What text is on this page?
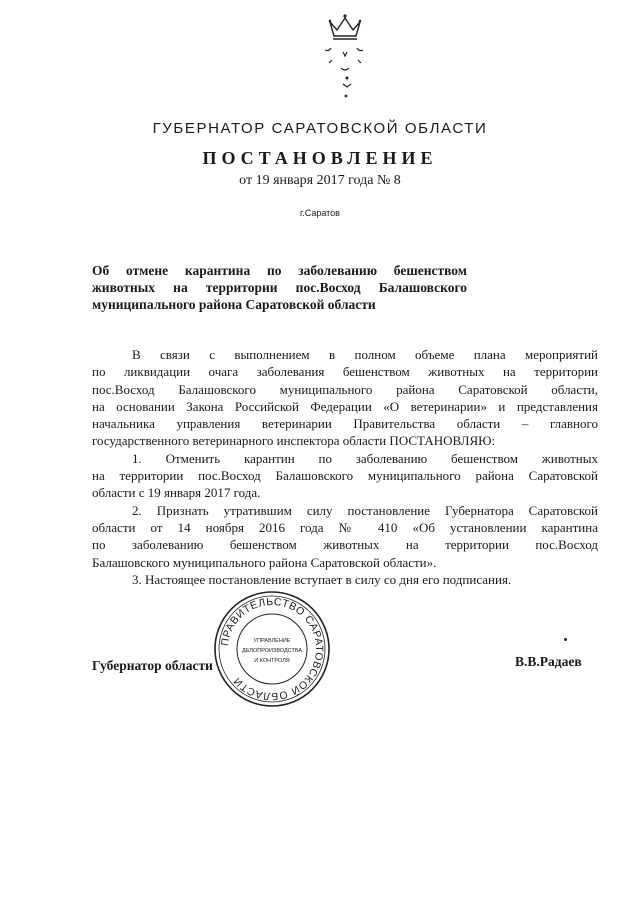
ГУБЕРНАТОР САРАТОВСКОЙ ОБЛАСТИ
ПОСТАНОВЛЕНИЕ
от 19 января 2017 года № 8
г.Саратов
Об отмене карантина по заболеванию бешенством
животных на территории пос.Восход Балашовского
муниципального района Саратовской области

В связи с выполнением в полном объеме плана мероприятий
по ликвидации очага заболевания бешенством животных на территории
пос.Восход Балашовского муниципального района Саратовской области,
на основании Закона Российской Федерации «О ветеринарии» и представления
начальника управления ветеринарии Правительства области – главного
государственного ветеринарного инспектора области ПОСТАНОВЛЯЮ:

1. Отменить карантин по заболеванию бешенством животных
на территории пос.Восход Балашовского муниципального района Саратовской
области с 19 января 2017 года.

2. Признать утратившим силу постановление Губернатора Саратовской
области от 14 ноября 2016 года № 410 «Об установлении карантина
по заболеванию бешенством животных на территории пос.Восход
Балашовского муниципального района Саратовской области».

3. Настоящее постановление вступает в силу со дня его подписания.

ПРАВИТЕЛЬСТВО САРАТОВСКОЙ ОБЛАСТИ
УПРАВЛЕНИЕ
ДЕЛОПРОИЗВОДСТВА
И КОНТРОЛЯ
Губернатор области	В.В.Радаев
